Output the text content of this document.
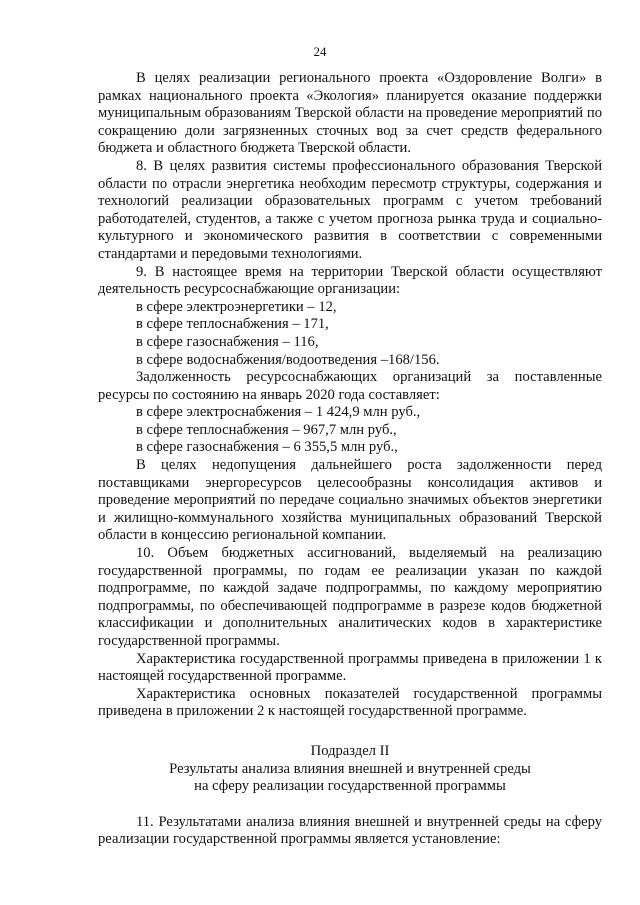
24

В целях реализации регионального проекта «Оздоровление Волги» в рамках национального проекта «Экология» планируется оказание поддержки муниципальным образованиям Тверской области на проведение мероприятий по сокращению доли загрязненных сточных вод за счет средств федерального бюджета и областного бюджета Тверской области.

8. В целях развития системы профессионального образования Тверской области по отрасли энергетика необходим пересмотр структуры, содержания и технологий реализации образовательных программ с учетом требований работодателей, студентов, а также с учетом прогноза рынка труда и социально-культурного и экономического развития в соответствии с современными стандартами и передовыми технологиями.

9. В настоящее время на территории Тверской области осуществляют деятельность ресурсоснабжающие организации:

в сфере электроэнергетики – 12,

в сфере теплоснабжения – 171,

в сфере газоснабжения – 116,

в сфере водоснабжения/водоотведения –168/156.

Задолженность ресурсоснабжающих организаций за поставленные ресурсы по состоянию на январь 2020 года составляет:

в сфере электроснабжения – 1 424,9 млн руб.,

в сфере теплоснабжения – 967,7 млн руб.,

в сфере газоснабжения – 6 355,5 млн руб.,

В целях недопущения дальнейшего роста задолженности перед поставщиками энергоресурсов целесообразны консолидация активов и проведение мероприятий по передаче социально значимых объектов энергетики и жилищно-коммунального хозяйства муниципальных образований Тверской области в концессию региональной компании.

10. Объем бюджетных ассигнований, выделяемый на реализацию государственной программы, по годам ее реализации указан по каждой подпрограмме, по каждой задаче подпрограммы, по каждому мероприятию подпрограммы, по обеспечивающей подпрограмме в разрезе кодов бюджетной классификации и дополнительных аналитических кодов в характеристике государственной программы.

Характеристика государственной программы приведена в приложении 1 к настоящей государственной программе.

Характеристика основных показателей государственной программы приведена в приложении 2 к настоящей государственной программе.

Подраздел II

Результаты анализа влияния внешней и внутренней среды

на сферу реализации государственной программы

11. Результатами анализа влияния внешней и внутренней среды на сферу реализации государственной программы является установление:
